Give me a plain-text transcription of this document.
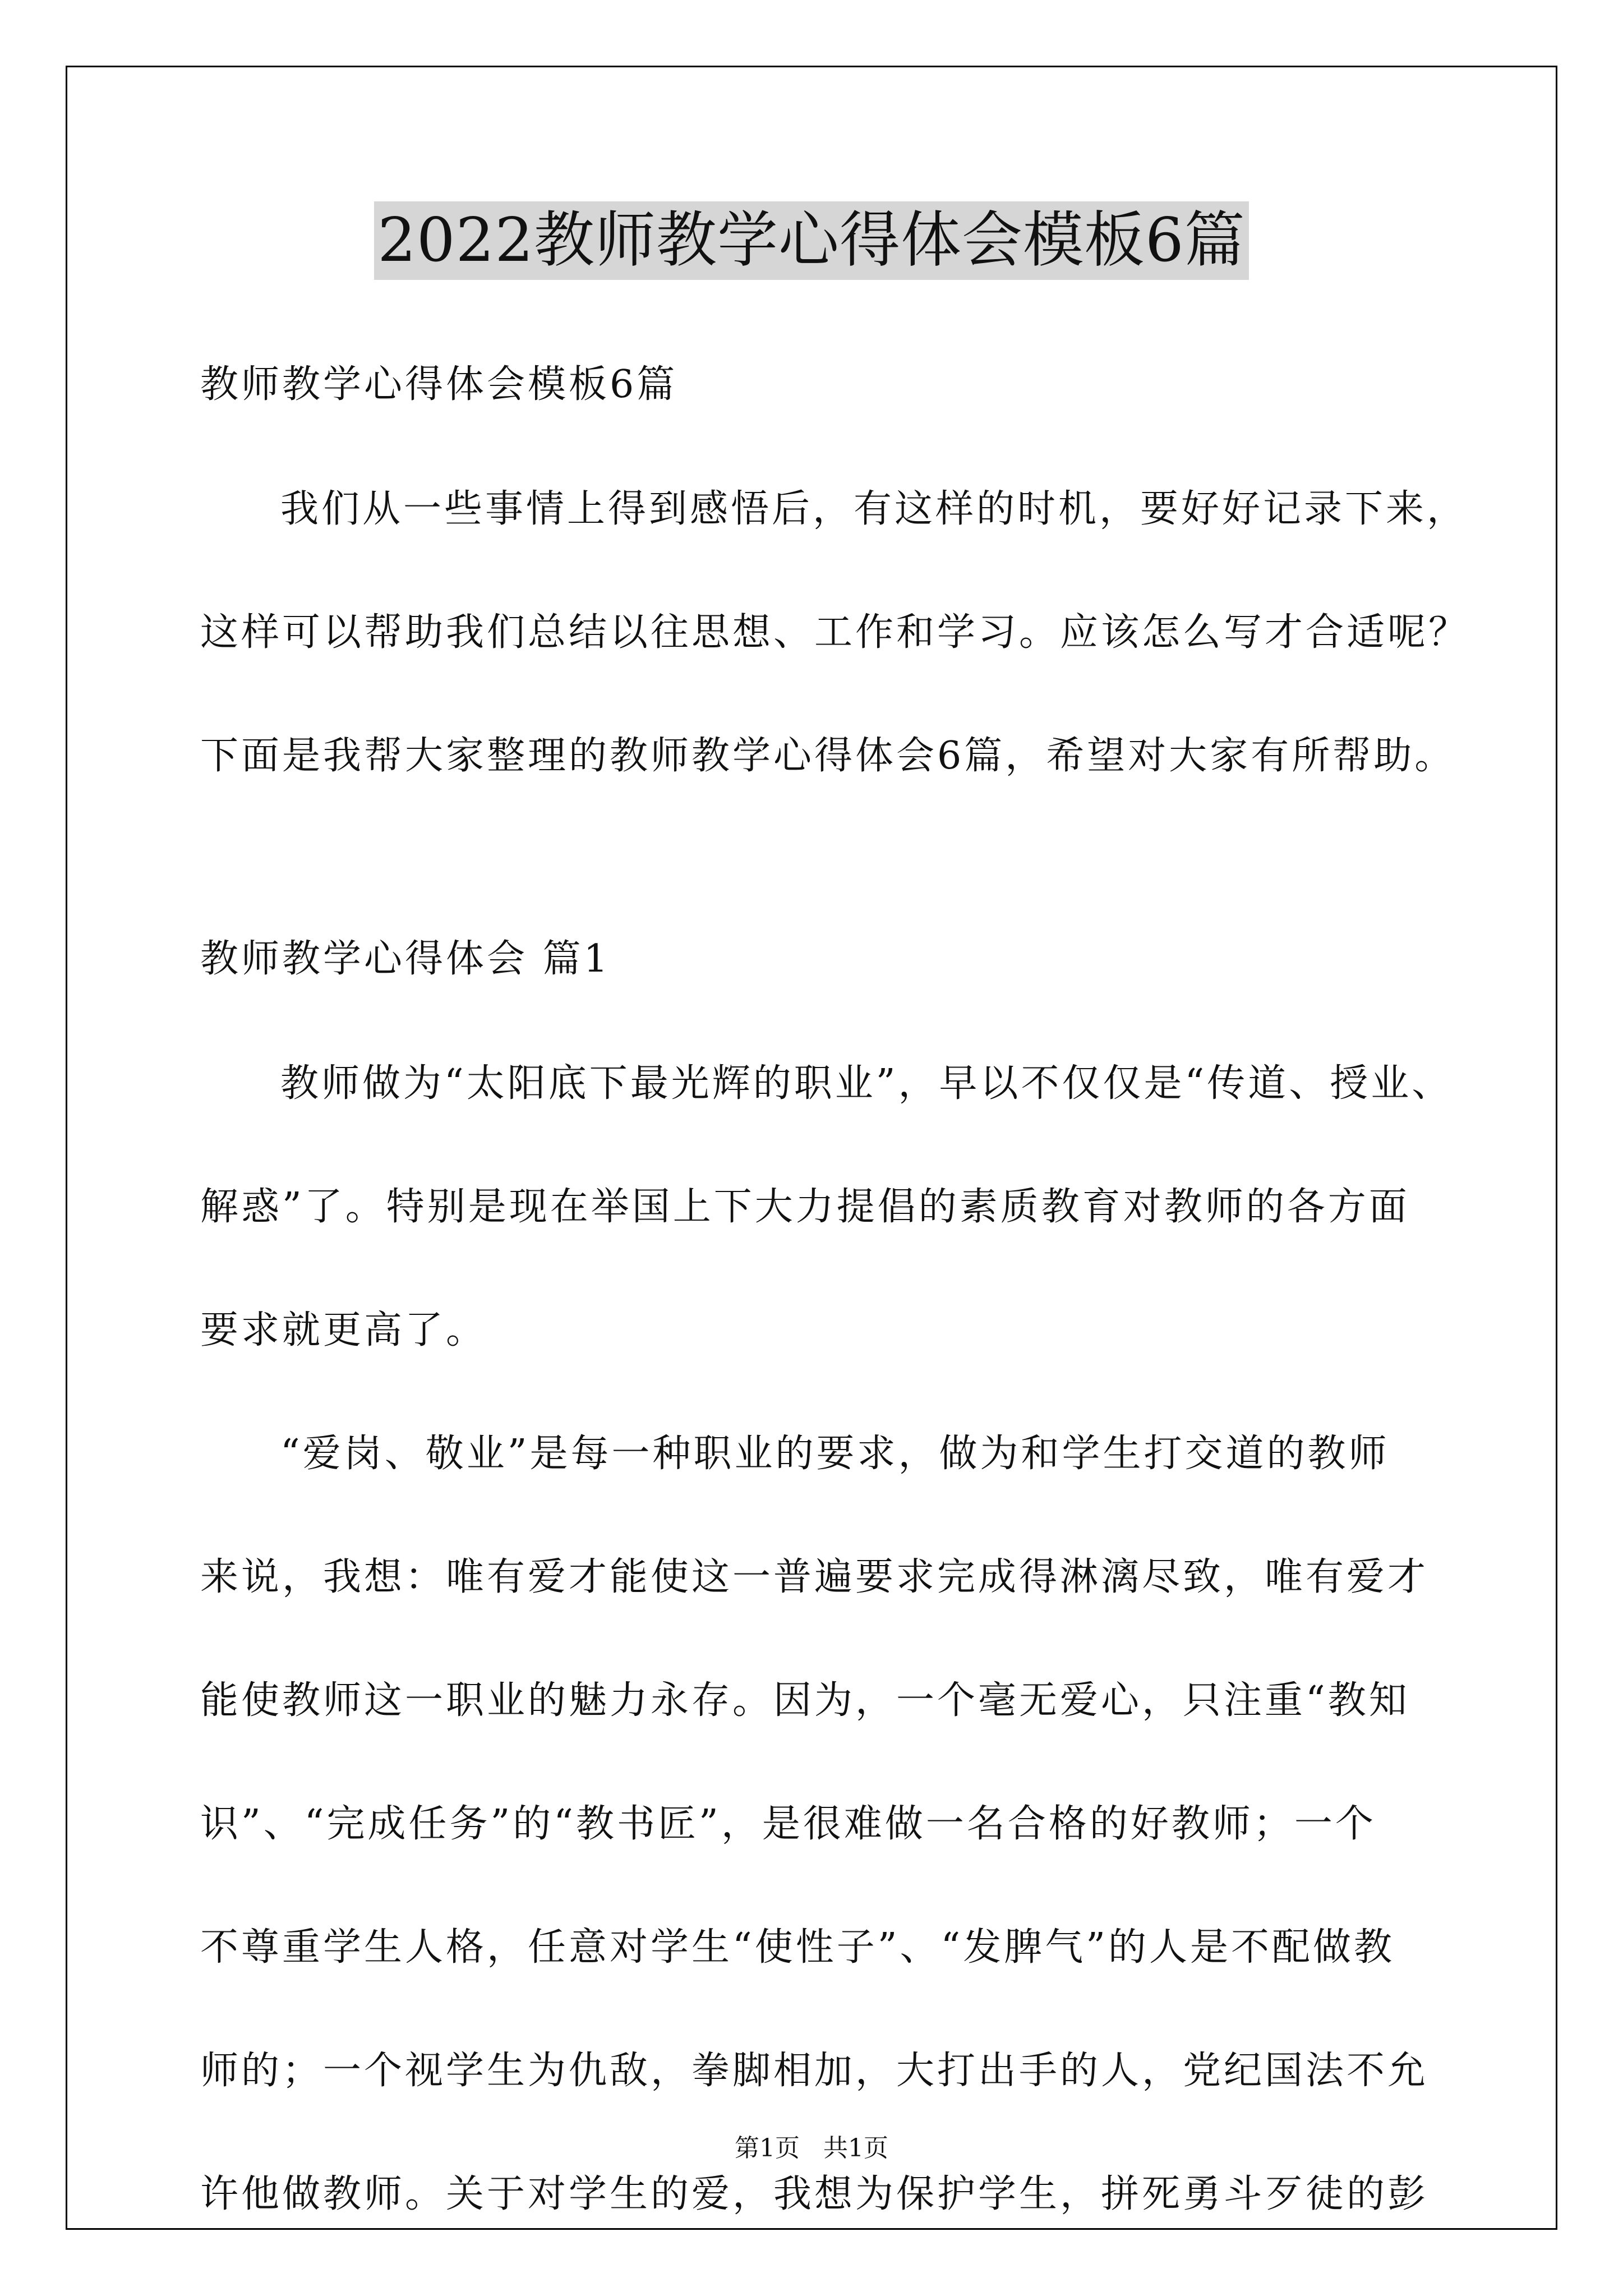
2022教师教学心得体会模板6篇
教师教学心得体会模板6篇
我们从一些事情上得到感悟后，有这样的时机，要好好记录下来，
这样可以帮助我们总结以往思想、工作和学习。应该怎么写才合适呢？
下面是我帮大家整理的教师教学心得体会6篇，希望对大家有所帮助。
教师教学心得体会 篇1
教师做为“太阳底下最光辉的职业”，早以不仅仅是“传道、授业、
解惑”了。特别是现在举国上下大力提倡的素质教育对教师的各方面
要求就更高了。
“爱岗、敬业”是每一种职业的要求，做为和学生打交道的教师
来说，我想：唯有爱才能使这一普遍要求完成得淋漓尽致，唯有爱才
能使教师这一职业的魅力永存。因为，一个毫无爱心，只注重“教知
识”、“完成任务”的“教书匠”，是很难做一名合格的好教师；一个
不尊重学生人格，任意对学生“使性子”、“发脾气”的人是不配做教
师的；一个视学生为仇敌，拳脚相加，大打出手的人，党纪国法不允
许他做教师。关于对学生的爱，我想为保护学生，拼死勇斗歹徒的彭
第1页 共1页
